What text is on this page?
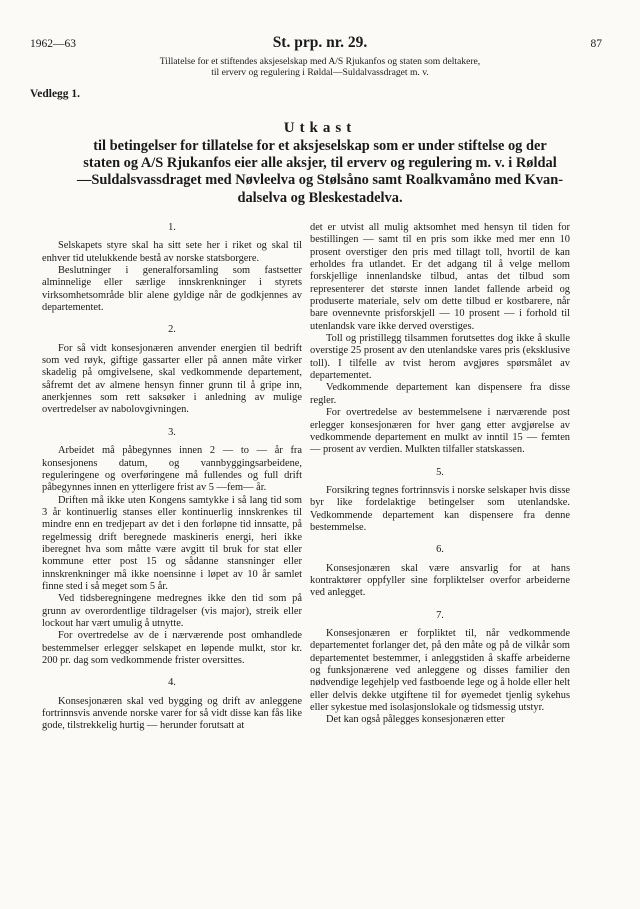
1962—63	St. prp. nr. 29.	87
Tillatelse for et stiftendes aksjeselskap med A/S Rjukanfos og staten som deltakere,
til erverv og regulering i Røldal—Suldalvassdraget m. v.
Vedlegg 1.
Utkast
til betingelser for tillatelse for et aksjeselskap som er under stiftelse og der
staten og A/S Rjukanfos eier alle aksjer, til erverv og regulering m. v. i Røldal
—Suldalsvassdraget med Nøvleelva og Stølsåno samt Roalkvamåno med Kvan-
dalselva og Bleskestadelva.
1.

Selskapets styre skal ha sitt sete her i riket og skal til enhver tid utelukkende bestå av norske statsborgere.

Beslutninger i generalforsamling som fastsetter alminnelige eller særlige innskrenkninger i styrets virksomhetsområde blir alene gyldige når de godkjennes av departementet.

2.

For så vidt konsesjonæren anvender energien til bedrift som ved røyk, giftige gassarter eller på annen måte virker skadelig på omgivelsene, skal vedkommende departement, såfremt det av almene hensyn finner grunn til å gripe inn, anerkjennes som rett saksøker i anledning av mulige overtredelser av nabolovgivningen.

3.

Arbeidet må påbegynnes innen 2 — to — år fra konsesjonens datum, og vannbyggingsarbeidene, reguleringene og overføringene må fullendes og full drift påbegynnes innen en ytterligere frist av 5 —fem— år.

Driften må ikke uten Kongens samtykke i så lang tid som 3 år kontinuerlig stanses eller kontinuerlig innskrenkes til mindre enn en tredjepart av det i den forløpne tid innsatte, på regelmessig drift beregnede maskineris energi, heri ikke iberegnet hva som måtte være avgitt til bruk for stat eller kommune etter post 15 og sådanne stansninger eller innskrenkninger må ikke noensinne i løpet av 10 år samlet finne sted i så meget som 5 år.

Ved tidsberegningene medregnes ikke den tid som på grunn av overordentlige tildragelser (vis major), streik eller lockout har vært umulig å utnytte.

For overtredelse av de i nærværende post omhandlede bestemmelser erlegger selskapet en løpende mulkt, stor kr. 200 pr. dag som vedkommende frister oversittes.

4.

Konsesjonæren skal ved bygging og drift av anleggene fortrinnsvis anvende norske varer for så vidt disse kan fås like gode, tilstrekkelig hurtig — herunder forutsatt at

det er utvist all mulig aktsomhet med hensyn til tiden for bestillingen — samt til en pris som ikke med mer enn 10 prosent overstiger den pris med tillagt toll, hvortil de kan erholdes fra utlandet. Er det adgang til å velge mellom forskjellige innenlandske tilbud, antas det tilbud som representerer det største innen landet fallende arbeid og produserte materiale, selv om dette tilbud er kostbarere, når bare ovennevnte prisforskjell — 10 prosent — i forhold til utenlandsk vare ikke derved overstiges.

Toll og pristillegg tilsammen forutsettes dog ikke å skulle overstige 25 prosent av den utenlandske vares pris (eksklusive toll). I tilfelle av tvist herom avgjøres spørsmålet av departementet.

Vedkommende departement kan dispensere fra disse regler.

For overtredelse av bestemmelsene i nærværende post erlegger konsesjonæren for hver gang etter avgjørelse av vedkommende departement en mulkt av inntil 15 — femten — prosent av verdien. Mulkten tilfaller statskassen.

5.

Forsikring tegnes fortrinnsvis i norske selskaper hvis disse byr like fordelaktige betingelser som utenlandske. Vedkommende departement kan dispensere fra denne bestemmelse.

6.

Konsesjonæren skal være ansvarlig for at hans kontraktører oppfyller sine forpliktelser overfor arbeiderne ved anlegget.

7.

Konsesjonæren er forpliktet til, når vedkommende departementet forlanger det, på den måte og på de vilkår som departementet bestemmer, i anleggstiden å skaffe arbeiderne og funksjonærene ved anleggene og disses familier den nødvendige legehjelp ved fastboende lege og å holde eller helt eller delvis dekke utgiftene til for øyemedet tjenlig sykehus eller sykestue med isolasjonslokale og tidsmessig utstyr.

Det kan også pålegges konsesjonæren etter
